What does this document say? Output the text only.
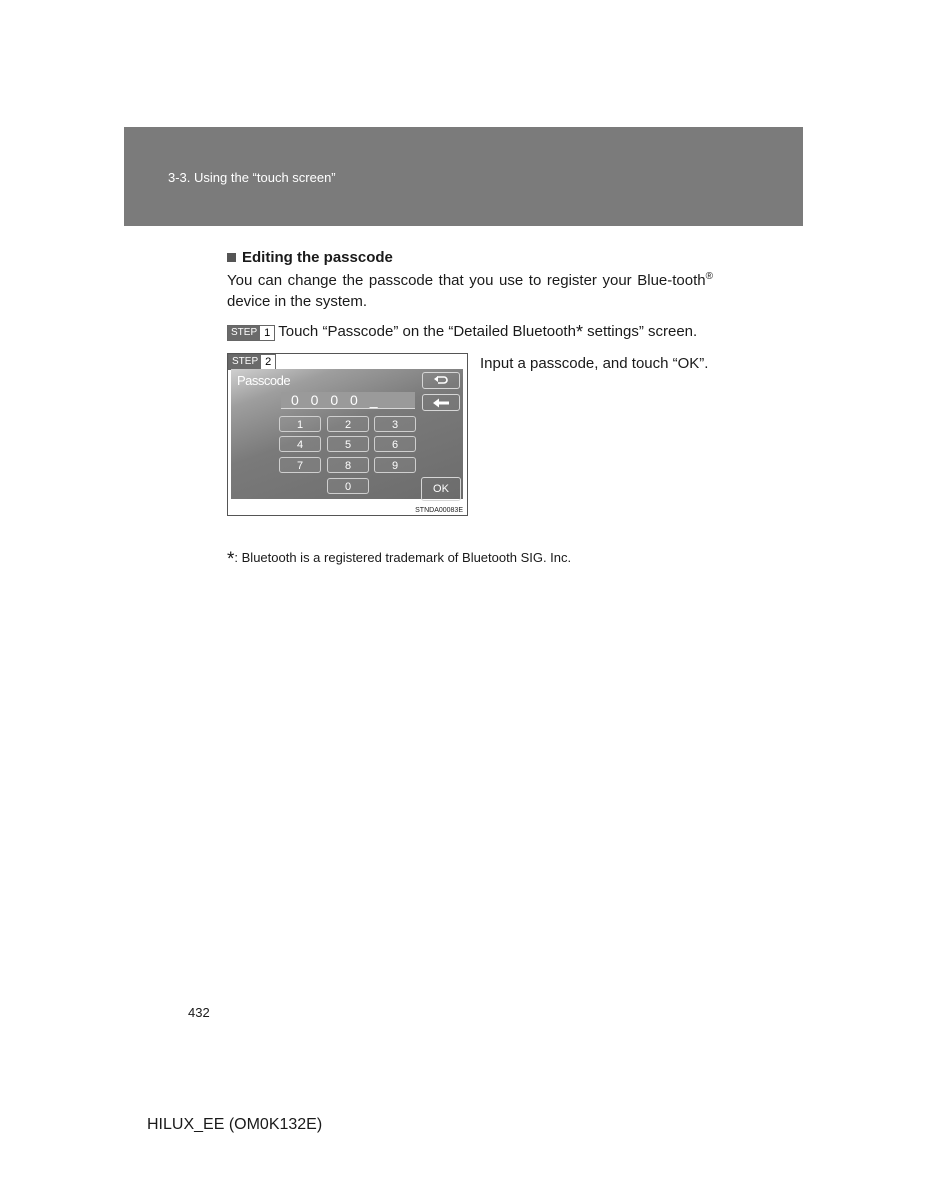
3-3. Using the “touch screen”
Editing the passcode
You can change the passcode that you use to register your Blue-tooth® device in the system.
STEP 1 Touch “Passcode” on the “Detailed Bluetooth* settings” screen.
STEP 2
Passcode
0 0 0 0 _
1	2	3
4	5	6
7	8	9
0	OK
STNDA00083E
Input a passcode, and touch “OK”.
*: Bluetooth is a registered trademark of Bluetooth SIG. Inc.
432
HILUX_EE (OM0K132E)
